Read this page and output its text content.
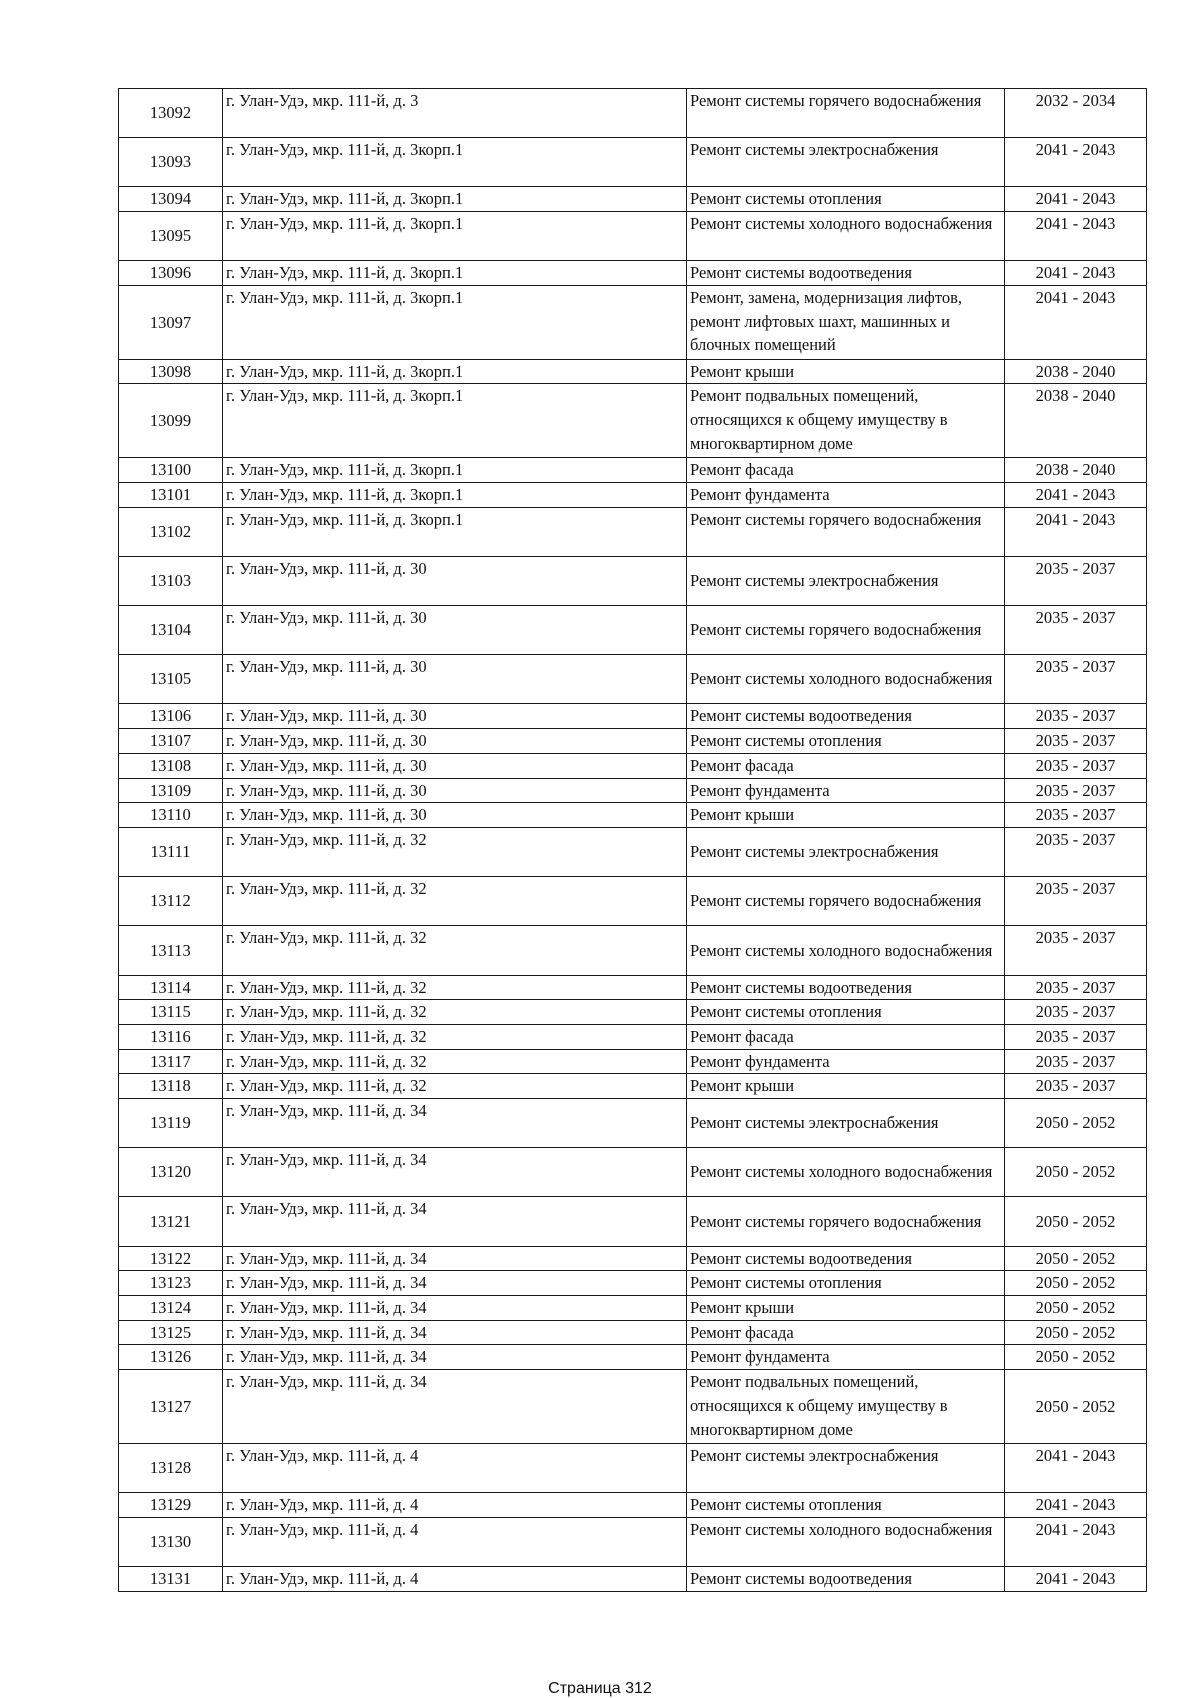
13092	г. Улан-Удэ, мкр. 111-й, д. 3	Ремонт системы горячего водоснабжения	2032 - 2034
13093	г. Улан-Удэ, мкр. 111-й, д. 3корп.1	Ремонт системы электроснабжения	2041 - 2043
13094	г. Улан-Удэ, мкр. 111-й, д. 3корп.1	Ремонт системы отопления	2041 - 2043
13095	г. Улан-Удэ, мкр. 111-й, д. 3корп.1	Ремонт системы холодного водоснабжения	2041 - 2043
13096	г. Улан-Удэ, мкр. 111-й, д. 3корп.1	Ремонт системы водоотведения	2041 - 2043
13097	г. Улан-Удэ, мкр. 111-й, д. 3корп.1	Ремонт, замена, модернизация лифтов, ремонт лифтовых шахт, машинных и блочных помещений	2041 - 2043
13098	г. Улан-Удэ, мкр. 111-й, д. 3корп.1	Ремонт крыши	2038 - 2040
13099	г. Улан-Удэ, мкр. 111-й, д. 3корп.1	Ремонт подвальных помещений, относящихся к общему имуществу в многоквартирном доме	2038 - 2040
13100	г. Улан-Удэ, мкр. 111-й, д. 3корп.1	Ремонт фасада	2038 - 2040
13101	г. Улан-Удэ, мкр. 111-й, д. 3корп.1	Ремонт фундамента	2041 - 2043
13102	г. Улан-Удэ, мкр. 111-й, д. 3корп.1	Ремонт системы горячего водоснабжения	2041 - 2043
13103	г. Улан-Удэ, мкр. 111-й, д. 30	Ремонт системы электроснабжения	2035 - 2037
13104	г. Улан-Удэ, мкр. 111-й, д. 30	Ремонт системы горячего водоснабжения	2035 - 2037
13105	г. Улан-Удэ, мкр. 111-й, д. 30	Ремонт системы холодного водоснабжения	2035 - 2037
13106	г. Улан-Удэ, мкр. 111-й, д. 30	Ремонт системы водоотведения	2035 - 2037
13107	г. Улан-Удэ, мкр. 111-й, д. 30	Ремонт системы отопления	2035 - 2037
13108	г. Улан-Удэ, мкр. 111-й, д. 30	Ремонт фасада	2035 - 2037
13109	г. Улан-Удэ, мкр. 111-й, д. 30	Ремонт фундамента	2035 - 2037
13110	г. Улан-Удэ, мкр. 111-й, д. 30	Ремонт крыши	2035 - 2037
13111	г. Улан-Удэ, мкр. 111-й, д. 32	Ремонт системы электроснабжения	2035 - 2037
13112	г. Улан-Удэ, мкр. 111-й, д. 32	Ремонт системы горячего водоснабжения	2035 - 2037
13113	г. Улан-Удэ, мкр. 111-й, д. 32	Ремонт системы холодного водоснабжения	2035 - 2037
13114	г. Улан-Удэ, мкр. 111-й, д. 32	Ремонт системы водоотведения	2035 - 2037
13115	г. Улан-Удэ, мкр. 111-й, д. 32	Ремонт системы отопления	2035 - 2037
13116	г. Улан-Удэ, мкр. 111-й, д. 32	Ремонт фасада	2035 - 2037
13117	г. Улан-Удэ, мкр. 111-й, д. 32	Ремонт фундамента	2035 - 2037
13118	г. Улан-Удэ, мкр. 111-й, д. 32	Ремонт крыши	2035 - 2037
13119	г. Улан-Удэ, мкр. 111-й, д. 34	Ремонт системы электроснабжения	2050 - 2052
13120	г. Улан-Удэ, мкр. 111-й, д. 34	Ремонт системы холодного водоснабжения	2050 - 2052
13121	г. Улан-Удэ, мкр. 111-й, д. 34	Ремонт системы горячего водоснабжения	2050 - 2052
13122	г. Улан-Удэ, мкр. 111-й, д. 34	Ремонт системы водоотведения	2050 - 2052
13123	г. Улан-Удэ, мкр. 111-й, д. 34	Ремонт системы отопления	2050 - 2052
13124	г. Улан-Удэ, мкр. 111-й, д. 34	Ремонт крыши	2050 - 2052
13125	г. Улан-Удэ, мкр. 111-й, д. 34	Ремонт фасада	2050 - 2052
13126	г. Улан-Удэ, мкр. 111-й, д. 34	Ремонт фундамента	2050 - 2052
13127	г. Улан-Удэ, мкр. 111-й, д. 34	Ремонт подвальных помещений, относящихся к общему имуществу в многоквартирном доме	2050 - 2052
13128	г. Улан-Удэ, мкр. 111-й, д. 4	Ремонт системы электроснабжения	2041 - 2043
13129	г. Улан-Удэ, мкр. 111-й, д. 4	Ремонт системы отопления	2041 - 2043
13130	г. Улан-Удэ, мкр. 111-й, д. 4	Ремонт системы холодного водоснабжения	2041 - 2043
13131	г. Улан-Удэ, мкр. 111-й, д. 4	Ремонт системы водоотведения	2041 - 2043
Страница 312
